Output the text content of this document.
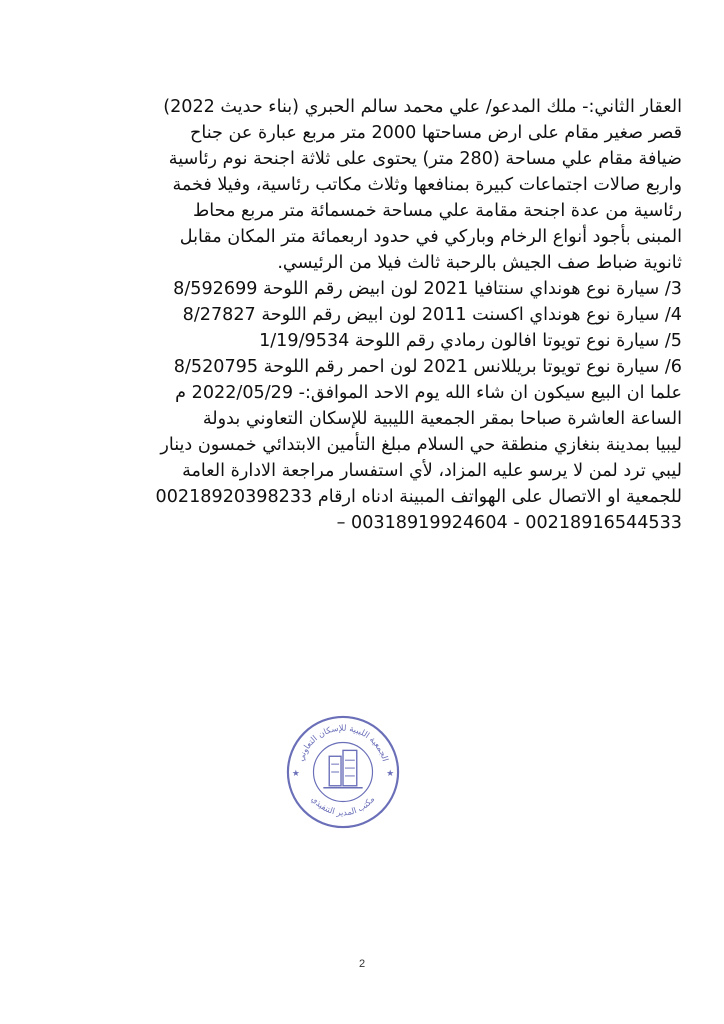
العقار الثاني:- ملك المدعو/ علي محمد سالم الحبري (بناء حديث 2022)

قصر صغير مقام على ارض مساحتها 2000 متر مربع عبارة عن جناح

ضيافة مقام علي مساحة (280 متر) يحتوى على ثلاثة اجنحة نوم رئاسية

واربع صالات اجتماعات كبيرة بمنافعها وثلاث مكاتب رئاسية، وفيلا فخمة

رئاسية من عدة اجنحة مقامة علي مساحة خمسمائة متر مربع محاط

المبنى بأجود أنواع الرخام وباركي في حدود اربعمائة متر المكان مقابل

ثانوية ضباط صف الجيش بالرحبة ثالث فيلا من الرئيسي.

3/ سيارة نوع هونداي سنتافيا 2021 لون ابيض رقم اللوحة 8/592699

4/ سيارة نوع هونداي اكسنت 2011 لون ابيض رقم اللوحة 8/27827

5/ سيارة نوع تويوتا افالون رمادي رقم اللوحة 1/19/9534

6/ سيارة نوع تويوتا بريللانس 2021 لون احمر رقم اللوحة 8/520795

علما ان البيع سيكون ان شاء الله يوم الاحد الموافق:- 2022/05/29 م

الساعة العاشرة صباحا بمقر الجمعية الليبية للإسكان التعاوني بدولة

ليبيا بمدينة بنغازي منطقة حي السلام مبلغ التأمين الابتدائي خمسون دينار

ليبي ترد لمن لا يرسو عليه المزاد، لأي استفسار مراجعة الادارة العامة

للجمعية او الاتصال على الهواتف المبينة ادناه ارقام 00218920398233

00218916544533 - 00318919924604 –

الجمعية الليبية للإسكان التعاوني
مكتب المدير التنفيذي
★	★
2
